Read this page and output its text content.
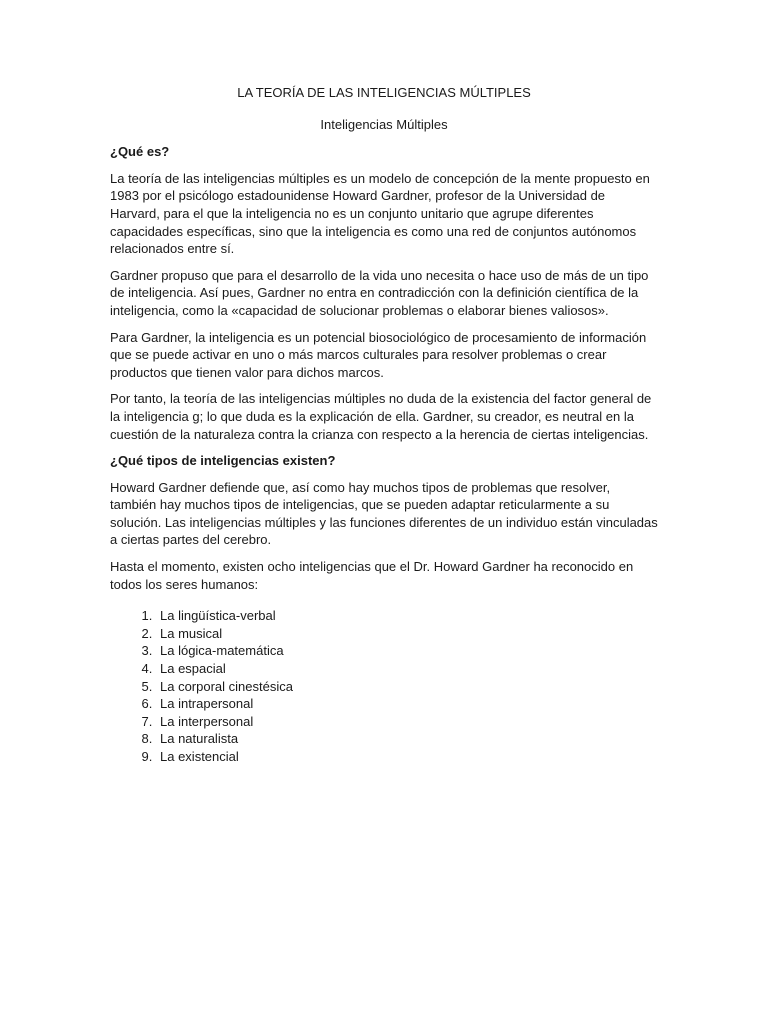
LA TEORÍA DE LAS INTELIGENCIAS MÚLTIPLES
Inteligencias Múltiples
¿Qué es?

La teoría de las inteligencias múltiples es un modelo de concepción de la mente propuesto en 1983 por el psicólogo estadounidense Howard Gardner, profesor de la Universidad de Harvard, para el que la inteligencia no es un conjunto unitario que agrupe diferentes capacidades específicas, sino que la inteligencia es como una red de conjuntos autónomos relacionados entre sí.

Gardner propuso que para el desarrollo de la vida uno necesita o hace uso de más de un tipo de inteligencia. Así pues, Gardner no entra en contradicción con la definición científica de la inteligencia, como la «capacidad de solucionar problemas o elaborar bienes valiosos».

Para Gardner, la inteligencia es un potencial biosociológico de procesamiento de información que se puede activar en uno o más marcos culturales para resolver problemas o crear productos que tienen valor para dichos marcos.

Por tanto, la teoría de las inteligencias múltiples no duda de la existencia del factor general de la inteligencia g; lo que duda es la explicación de ella. Gardner, su creador, es neutral en la cuestión de la naturaleza contra la crianza con respecto a la herencia de ciertas inteligencias.

¿Qué tipos de inteligencias existen?

Howard Gardner defiende que, así como hay muchos tipos de problemas que resolver, también hay muchos tipos de inteligencias, que se pueden adaptar reticularmente a su solución. Las inteligencias múltiples y las funciones diferentes de un individuo están vinculadas a ciertas partes del cerebro.

Hasta el momento, existen ocho inteligencias que el Dr. Howard Gardner ha reconocido en todos los seres humanos:

1. La lingüística-verbal
2. La musical
3. La lógica-matemática
4. La espacial
5. La corporal cinestésica
6. La intrapersonal
7. La interpersonal
8. La naturalista
9. La existencial
